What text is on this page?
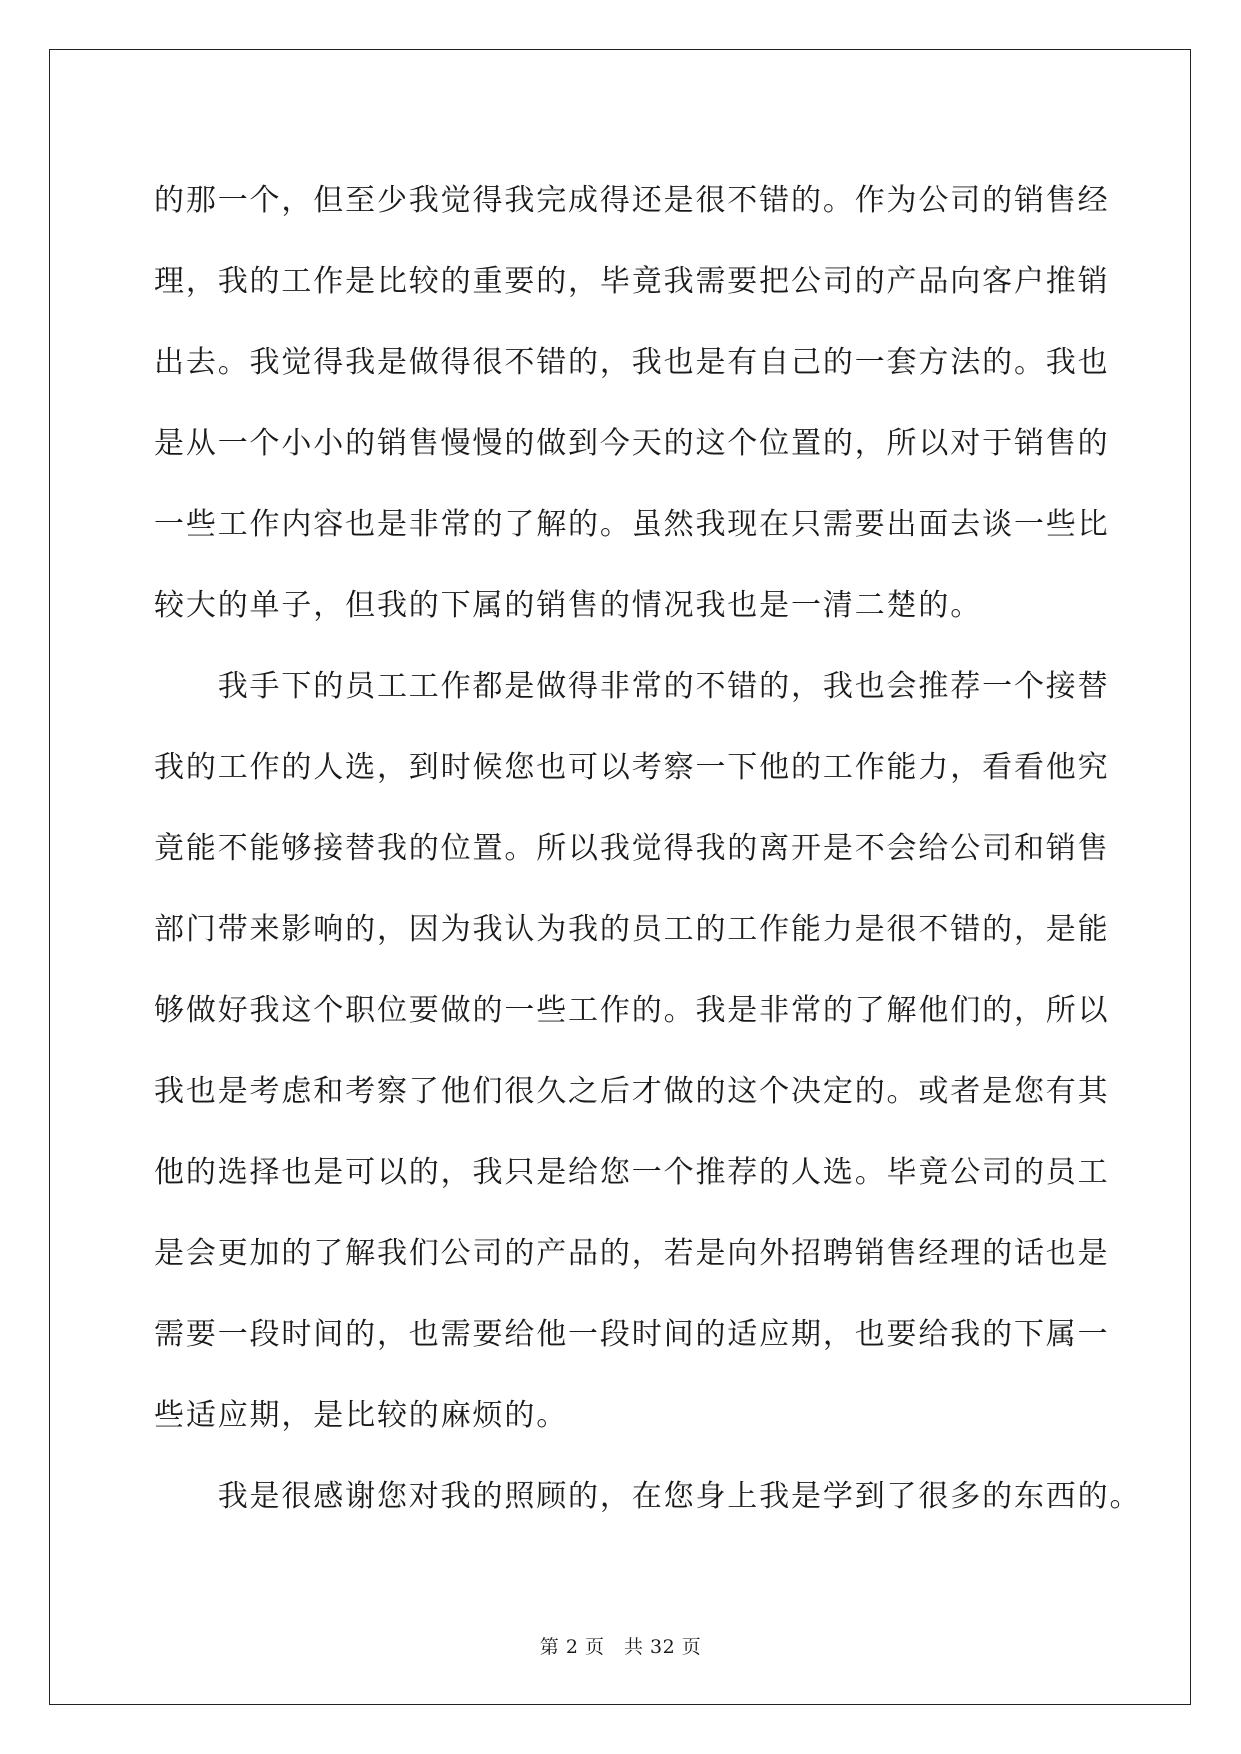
的那一个，但至少我觉得我完成得还是很不错的。作为公司的销售经

理，我的工作是比较的重要的，毕竟我需要把公司的产品向客户推销

出去。我觉得我是做得很不错的，我也是有自己的一套方法的。我也

是从一个小小的销售慢慢的做到今天的这个位置的，所以对于销售的

一些工作内容也是非常的了解的。虽然我现在只需要出面去谈一些比

较大的单子，但我的下属的销售的情况我也是一清二楚的。

　　我手下的员工工作都是做得非常的不错的，我也会推荐一个接替

我的工作的人选，到时候您也可以考察一下他的工作能力，看看他究

竟能不能够接替我的位置。所以我觉得我的离开是不会给公司和销售

部门带来影响的，因为我认为我的员工的工作能力是很不错的，是能

够做好我这个职位要做的一些工作的。我是非常的了解他们的，所以

我也是考虑和考察了他们很久之后才做的这个决定的。或者是您有其

他的选择也是可以的，我只是给您一个推荐的人选。毕竟公司的员工

是会更加的了解我们公司的产品的，若是向外招聘销售经理的话也是

需要一段时间的，也需要给他一段时间的适应期，也要给我的下属一

些适应期，是比较的麻烦的。

　　我是很感谢您对我的照顾的，在您身上我是学到了很多的东西的。

第 2 页　共 32 页
